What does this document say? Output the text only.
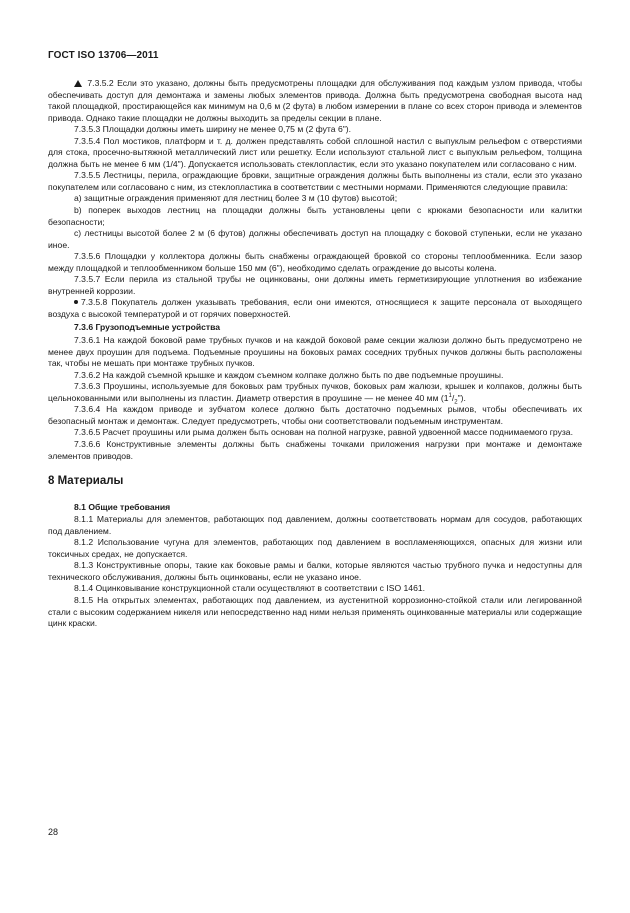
ГОСТ ISO 13706—2011

7.3.5.2 Если это указано, должны быть предусмотрены площадки для обслуживания под каждым узлом привода, чтобы обеспечивать доступ для демонтажа и замены любых элементов привода. Должна быть предусмотрена свободная высота над такой площадкой, простирающейся как минимум на 0,6 м (2 фута) в любом измерении в плане со всех сторон привода и элементов привода. Однако такие площадки не должны выходить за пределы секции в плане.

7.3.5.3 Площадки должны иметь ширину не менее 0,75 м (2 фута 6").

7.3.5.4 Пол мостиков, платформ и т. д. должен представлять собой сплошной настил с выпуклым рельефом с отверстиями для стока, просечно-вытяжной металлический лист или решетку. Если используют стальной лист с выпуклым рельефом, толщина должна быть не менее 6 мм (1/4"). Допускается использовать стеклопластик, если это указано покупателем или согласовано с ним.

7.3.5.5 Лестницы, перила, ограждающие бровки, защитные ограждения должны быть выполнены из стали, если это указано покупателем или согласовано с ним, из стеклопластика в соответствии с местными нормами. Применяются следующие правила:

a) защитные ограждения применяют для лестниц более 3 м (10 футов) высотой;

b) поперек выходов лестниц на площадки должны быть установлены цепи с крюками безопасности или калитки безопасности;

c) лестницы высотой более 2 м (6 футов) должны обеспечивать доступ на площадку с боковой ступеньки, если не указано иное.

7.3.5.6 Площадки у коллектора должны быть снабжены ограждающей бровкой со стороны теплообменника. Если зазор между площадкой и теплообменником больше 150 мм (6"), необходимо сделать ограждение до высоты колена.

7.3.5.7 Если перила из стальной трубы не оцинкованы, они должны иметь герметизирующие уплотнения во избежание внутренней коррозии.

7.3.5.8 Покупатель должен указывать требования, если они имеются, относящиеся к защите персонала от выходящего воздуха с высокой температурой и от горячих поверхностей.

7.3.6 Грузоподъемные устройства

7.3.6.1 На каждой боковой раме трубных пучков и на каждой боковой раме секции жалюзи должно быть предусмотрено не менее двух проушин для подъема. Подъемные проушины на боковых рамах соседних трубных пучков должны быть расположены так, чтобы не мешать при монтаже трубных пучков.

7.3.6.2 На каждой съемной крышке и каждом съемном колпаке должно быть по две подъемные проушины.

7.3.6.3 Проушины, используемые для боковых рам трубных пучков, боковых рам жалюзи, крышек и колпаков, должны быть цельнокованными или выполнены из пластин. Диаметр отверстия в проушине — не менее 40 мм $(1^1/_2")$.

7.3.6.4 На каждом приводе и зубчатом колесе должно быть достаточно подъемных рымов, чтобы обеспечивать их безопасный монтаж и демонтаж. Следует предусмотреть, чтобы они соответствовали подъемным инструментам.

7.3.6.5 Расчет проушины или рыма должен быть основан на полной нагрузке, равной удвоенной массе поднимаемого груза.

7.3.6.6 Конструктивные элементы должны быть снабжены точками приложения нагрузки при монтаже и демонтаже элементов приводов.

8 Материалы

8.1 Общие требования

8.1.1 Материалы для элементов, работающих под давлением, должны соответствовать нормам для сосудов, работающих под давлением.

8.1.2 Использование чугуна для элементов, работающих под давлением в воспламеняющихся, опасных для жизни или токсичных средах, не допускается.

8.1.3 Конструктивные опоры, такие как боковые рамы и балки, которые являются частью трубного пучка и недоступны для технического обслуживания, должны быть оцинкованы, если не указано иное.

8.1.4 Оцинковывание конструкционной стали осуществляют в соответствии с ISO 1461.

8.1.5 На открытых элементах, работающих под давлением, из аустенитной коррозионно-стойкой стали или легированной стали с высоким содержанием никеля или непосредственно над ними нельзя применять оцинкованные материалы или содержащие цинк краски.

28
